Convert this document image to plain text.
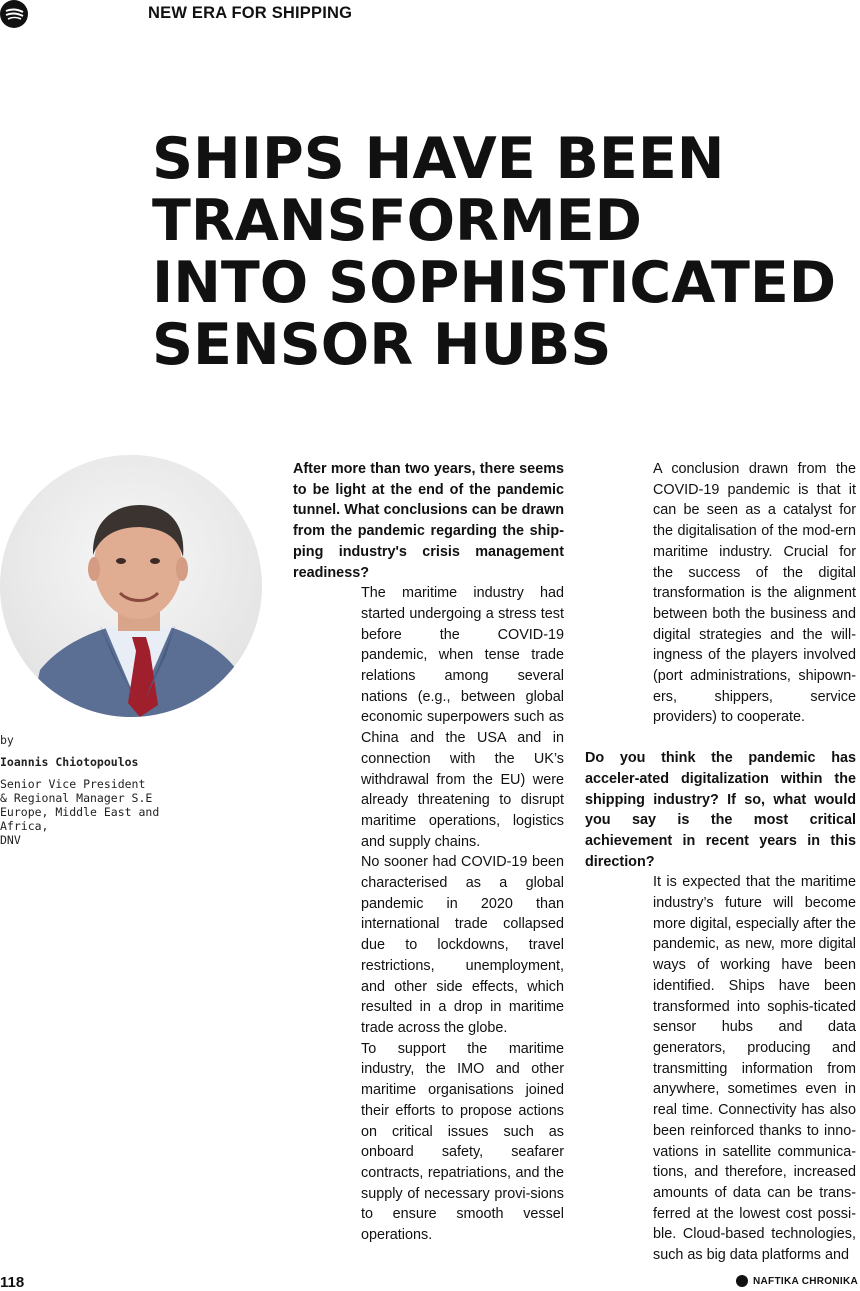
NEW ERA FOR SHIPPING
SHIPS HAVE BEEN
TRANSFORMED
INTO SOPHISTICATED
SENSOR HUBS
by
Ioannis Chiotopoulos
Senior Vice President
& Regional Manager S.E
Europe, Middle East and
Africa,
DNV

After more than two years, there seems to be light at the end of the pandemic tunnel. What conclusions can be drawn from the pandemic regarding the ship-ping industry's crisis management readiness?

The maritime industry had started undergoing a stress test before the COVID-19 pandemic, when tense trade relations among several nations (e.g., between global economic superpowers such as China and the USA and in connection with the UK’s withdrawal from the EU) were already threatening to disrupt maritime operations, logistics and supply chains.

No sooner had COVID-19 been characterised as a global pandemic in 2020 than international trade collapsed due to lockdowns, travel restrictions, unemployment, and other side effects, which resulted in a drop in maritime trade across the globe.

To support the maritime industry, the IMO and other maritime organisations joined their efforts to propose actions on critical issues such as onboard safety, seafarer contracts, repatriations, and the supply of necessary provi-sions to ensure smooth vessel operations.

A conclusion drawn from the COVID-19 pandemic is that it can be seen as a catalyst for the digitalisation of the mod-ern maritime industry. Crucial for the success of the digital transformation is the alignment between both the business and digital strategies and the will-ingness of the players involved (port administrations, shipown-ers, shippers, service providers) to cooperate.

Do you think the pandemic has acceler-ated digitalization within the shipping industry? If so, what would you say is the most critical achievement in recent years in this direction?

It is expected that the maritime industry’s future will become more digital, especially after the pandemic, as new, more digital ways of working have been identified. Ships have been transformed into sophis-ticated sensor hubs and data generators, producing and transmitting information from anywhere, sometimes even in real time. Connectivity has also been reinforced thanks to inno-vations in satellite communica-tions, and therefore, increased amounts of data can be trans-ferred at the lowest cost possi-ble. Cloud-based technologies, such as big data platforms and

118	NAFTIKA CHRONIKA
